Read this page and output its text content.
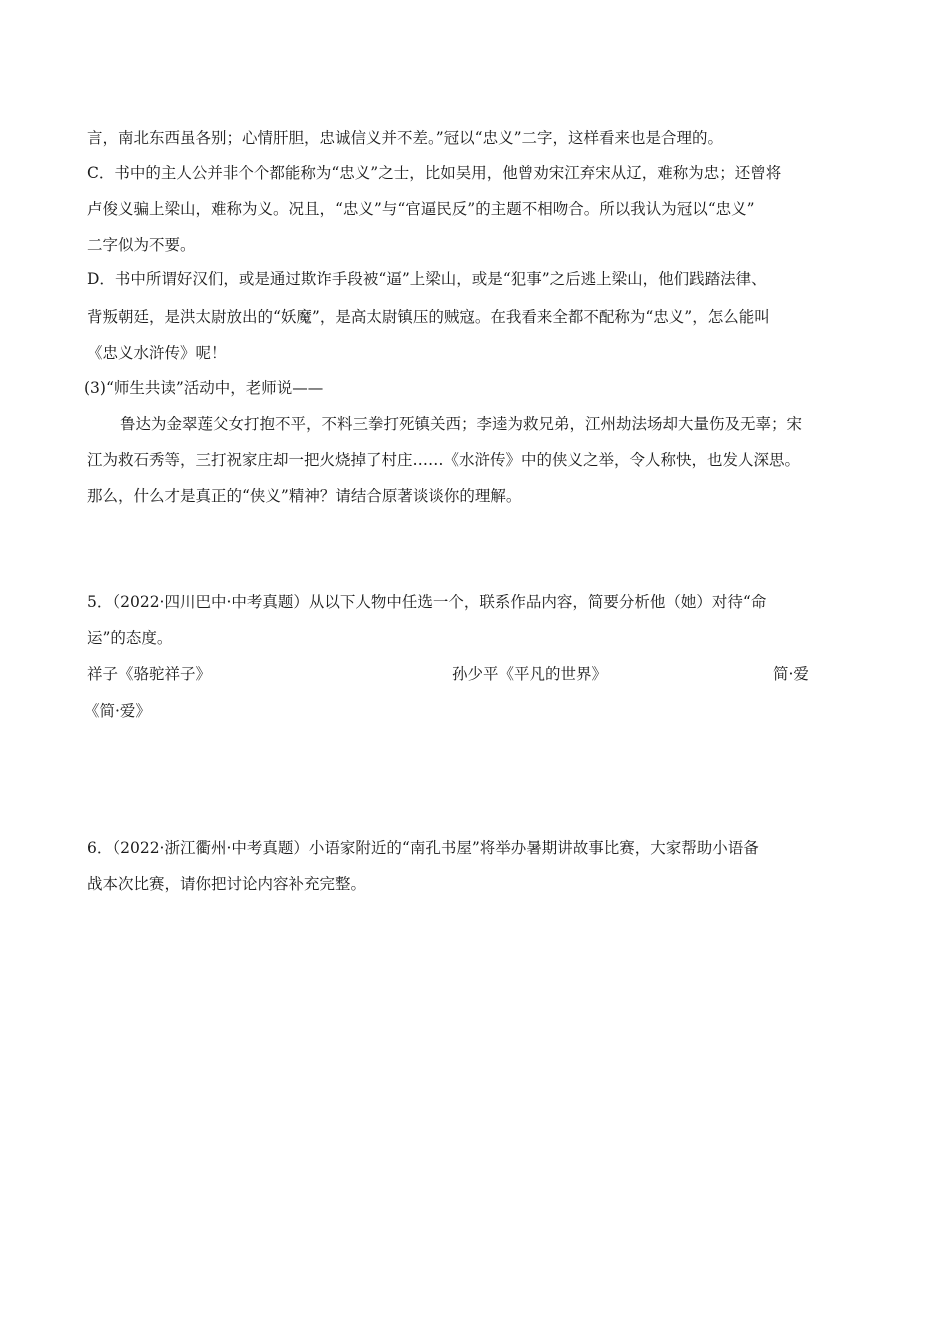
言，南北东西虽各别；心情肝胆，忠诚信义并不差。”冠以“忠义”二字，这样看来也是合理的。
C．书中的主人公并非个个都能称为“忠义”之士，比如吴用，他曾劝宋江弃宋从辽，难称为忠；还曾将
卢俊义骗上梁山，难称为义。况且，“忠义”与“官逼民反”的主题不相吻合。所以我认为冠以“忠义”
二字似为不要。
D．书中所谓好汉们，或是通过欺诈手段被“逼”上梁山，或是“犯事”之后逃上梁山，他们践踏法律、
背叛朝廷，是洪太尉放出的“妖魔”，是高太尉镇压的贼寇。在我看来全都不配称为“忠义”，怎么能叫
《忠义水浒传》呢！
(3)“师生共读”活动中，老师说——
鲁达为金翠莲父女打抱不平，不料三拳打死镇关西；李逵为救兄弟，江州劫法场却大量伤及无辜；宋
江为救石秀等，三打祝家庄却一把火烧掉了村庄……《水浒传》中的侠义之举，令人称快，也发人深思。
那么，什么才是真正的“侠义”精神？请结合原著谈谈你的理解。
5．（2022·四川巴中·中考真题）从以下人物中任选一个，联系作品内容，简要分析他（她）对待“命
运”的态度。
祥子《骆驼祥子》	孙少平《平凡的世界》	简·爱
《简·爱》
6．（2022·浙江衢州·中考真题）小语家附近的“南孔书屋”将举办暑期讲故事比赛，大家帮助小语备
战本次比赛，请你把讨论内容补充完整。
